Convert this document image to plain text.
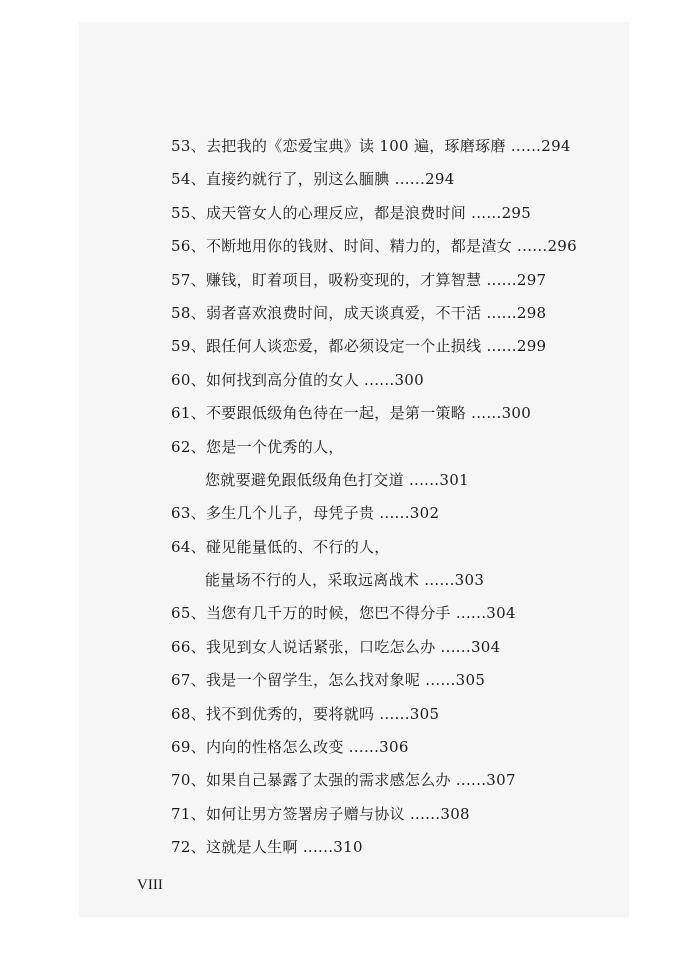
53、去把我的《恋爱宝典》读 100 遍，琢磨琢磨 ......294
54、直接约就行了，别这么腼腆 ......294
55、成天管女人的心理反应，都是浪费时间 ......295
56、不断地用你的钱财、时间、精力的，都是渣女 ......296
57、赚钱，盯着项目，吸粉变现的，才算智慧 ......297
58、弱者喜欢浪费时间，成天谈真爱，不干活 ......298
59、跟任何人谈恋爱，都必须设定一个止损线 ......299
60、如何找到高分值的女人 ......300
61、不要跟低级角色待在一起，是第一策略 ......300
62、您是一个优秀的人，
您就要避免跟低级角色打交道 ......301
63、多生几个儿子，母凭子贵 ......302
64、碰见能量低的、不行的人，
能量场不行的人，采取远离战术 ......303
65、当您有几千万的时候，您巴不得分手 ......304
66、我见到女人说话紧张，口吃怎么办 ......304
67、我是一个留学生，怎么找对象呢 ......305
68、找不到优秀的，要将就吗 ......305
69、内向的性格怎么改变 ......306
70、如果自己暴露了太强的需求感怎么办 ......307
71、如何让男方签署房子赠与协议 ......308
72、这就是人生啊 ......310
VIII
